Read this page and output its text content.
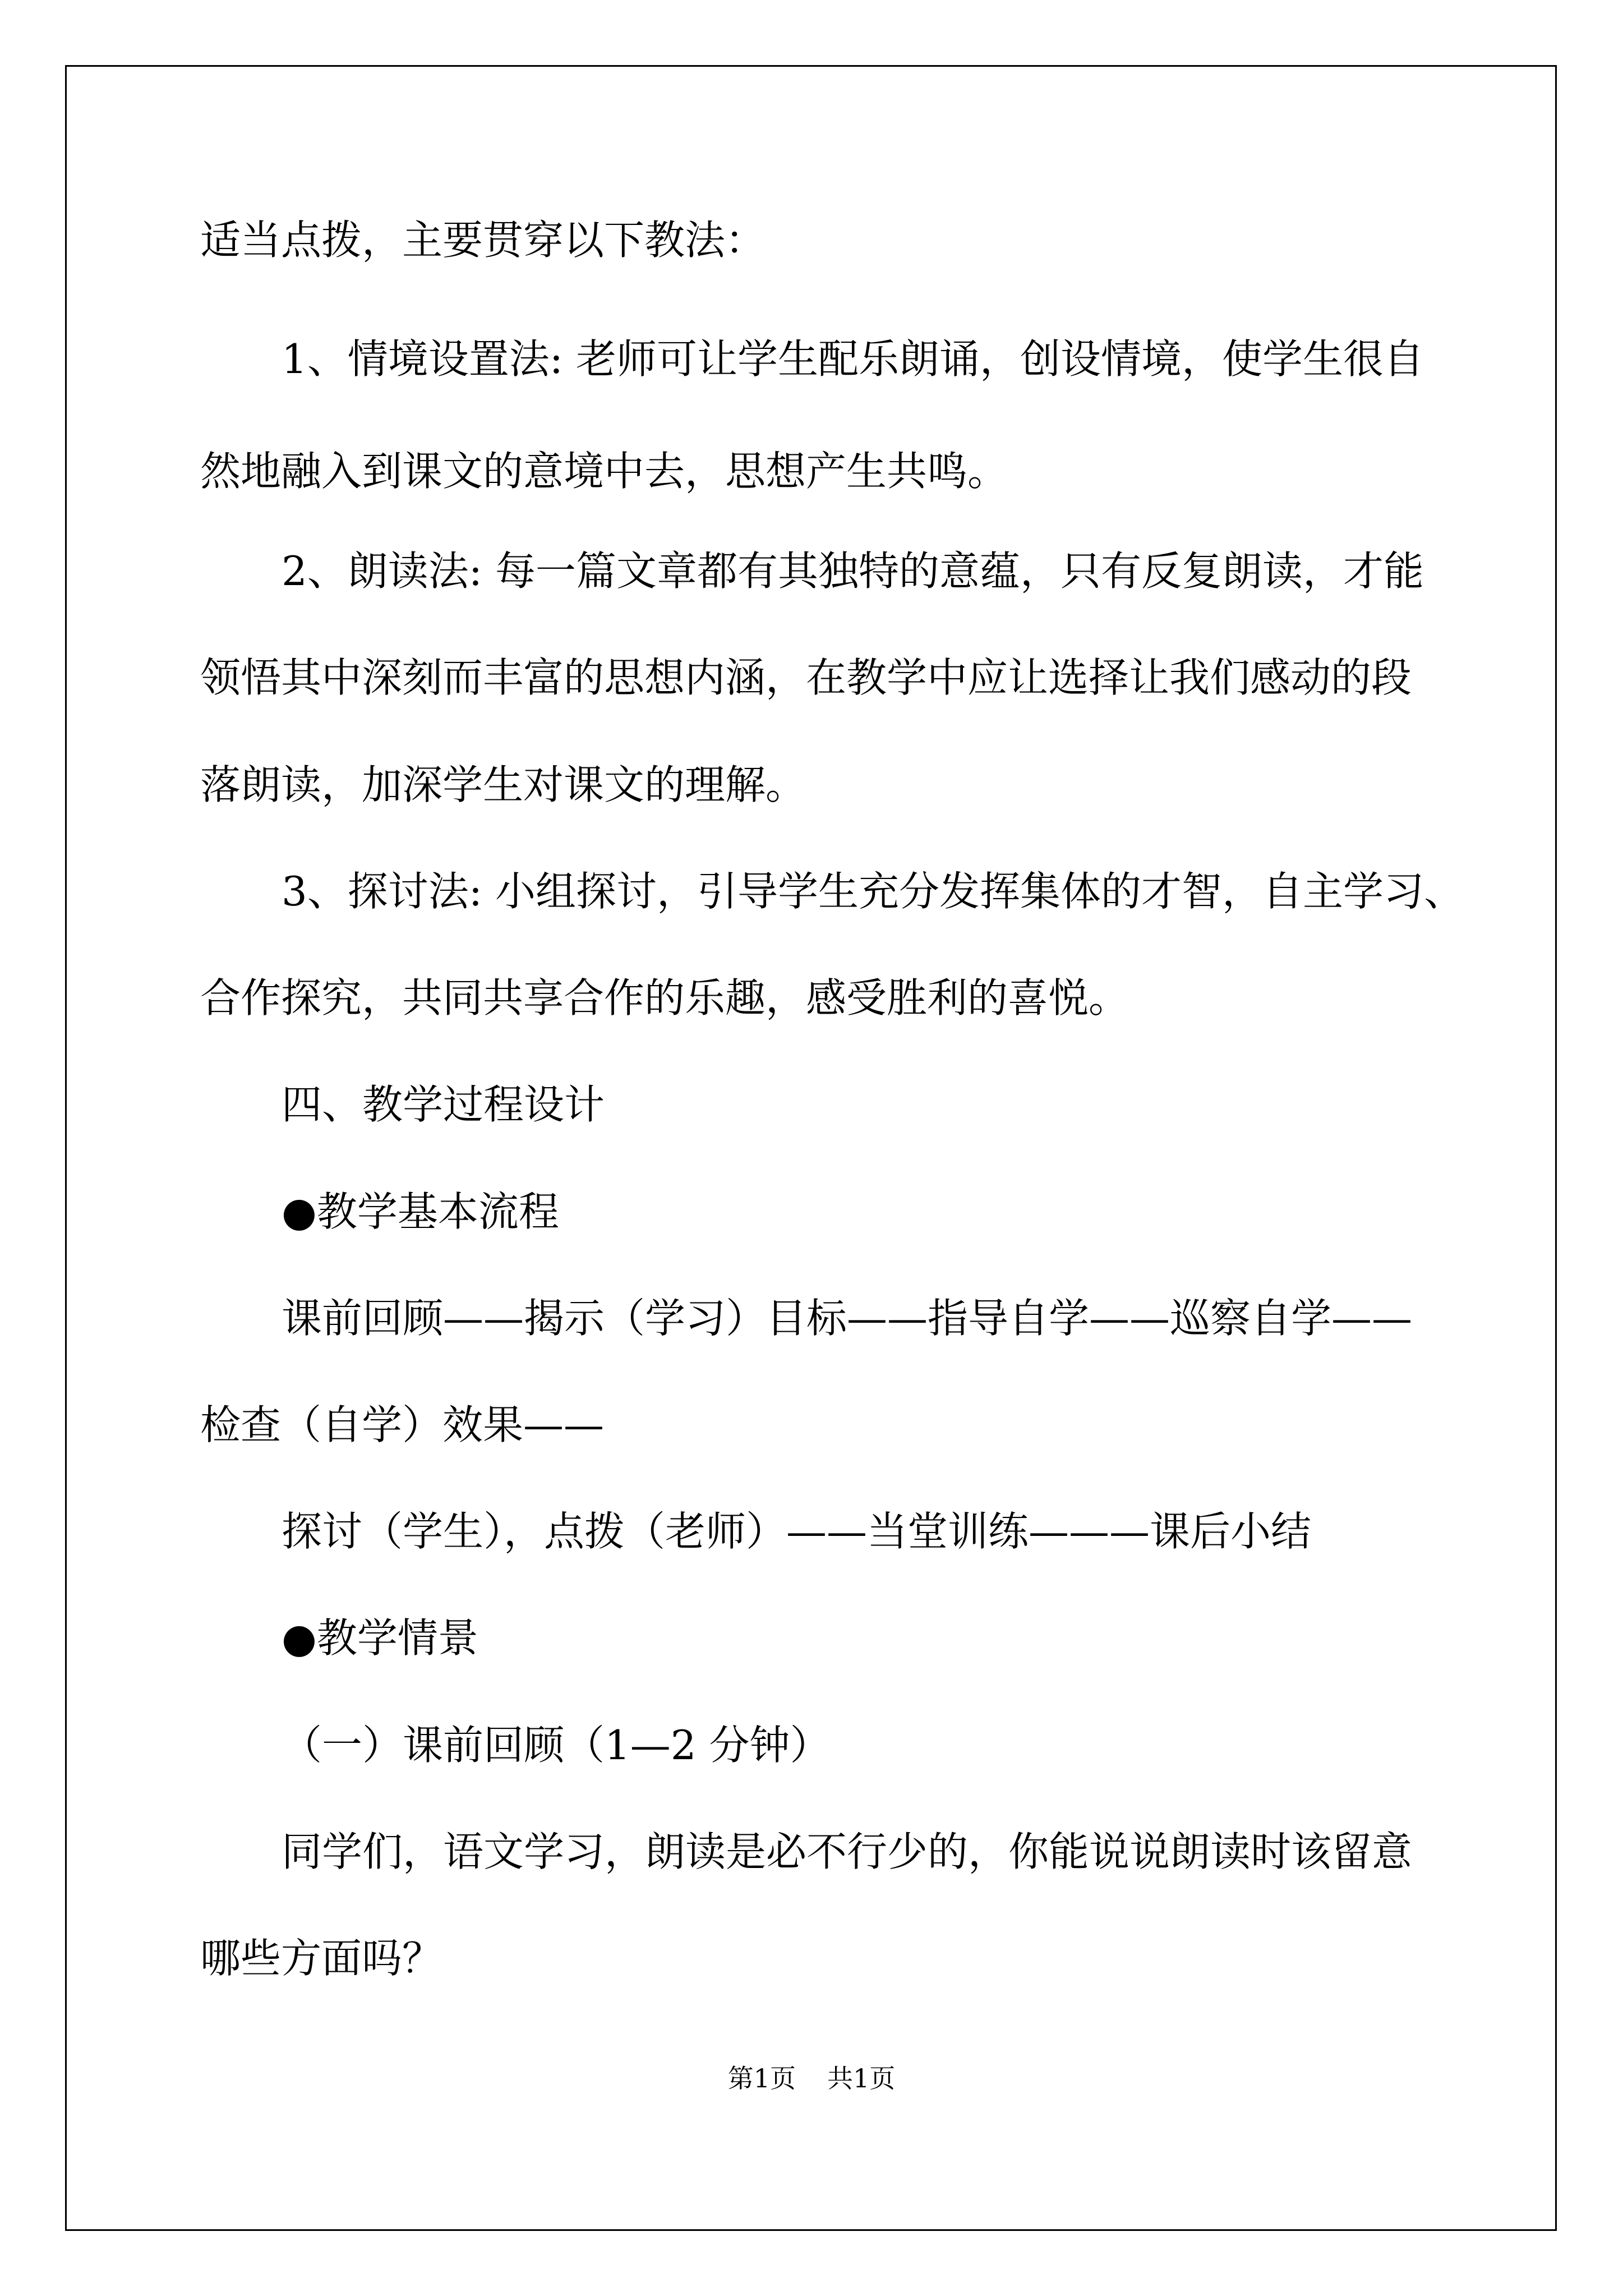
适当点拨，主要贯穿以下教法：

1、情境设置法: 老师可让学生配乐朗诵，创设情境，使学生很自

然地融入到课文的意境中去，思想产生共鸣。

2、朗读法: 每一篇文章都有其独特的意蕴，只有反复朗读，才能

领悟其中深刻而丰富的思想内涵，在教学中应让选择让我们感动的段

落朗读，加深学生对课文的理解。

3、探讨法: 小组探讨，引导学生充分发挥集体的才智，自主学习、

合作探究，共同共享合作的乐趣，感受胜利的喜悦。

四、教学过程设计

●教学基本流程

课前回顾——揭示（学习）目标——指导自学——巡察自学——

检查（自学）效果——

探讨（学生），点拨（老师）——当堂训练———课后小结

●教学情景

（一）课前回顾（1—2 分钟）

同学们，语文学习，朗读是必不行少的，你能说说朗读时该留意

哪些方面吗？

第1页 共1页
